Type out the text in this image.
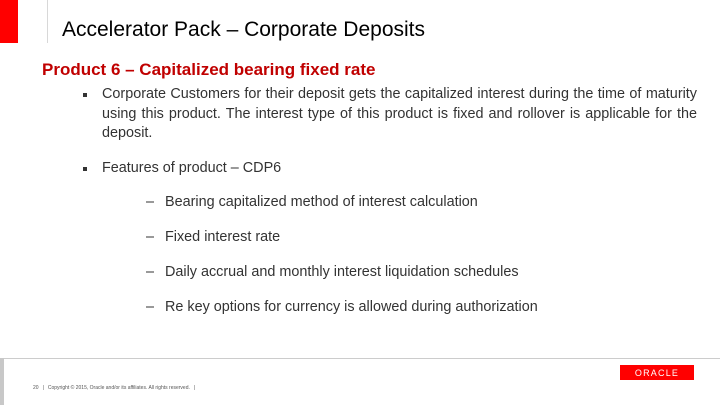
Accelerator Pack – Corporate Deposits
Product 6 – Capitalized bearing fixed rate
Corporate Customers for their deposit gets the capitalized interest during the time of maturity using this product. The interest type of this product is fixed and rollover is applicable for the deposit.
Features of product – CDP6
– Bearing capitalized method of interest calculation
– Fixed interest rate
– Daily accrual and monthly interest liquidation schedules
– Re key options for currency is allowed during authorization
ORACLE
20 | Copyright © 2015, Oracle and/or its affiliates. All rights reserved. |
